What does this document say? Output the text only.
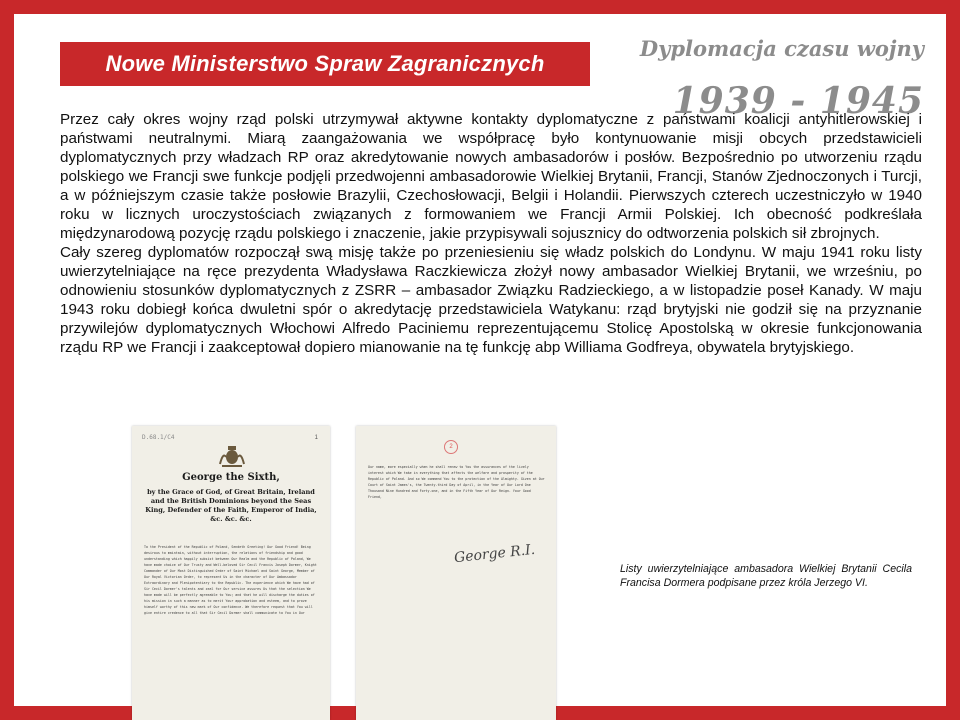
Nowe Ministerstwo Spraw Zagranicznych
Dyplomacja czasu wojny
1939 - 1945

Przez cały okres wojny rząd polski utrzymywał aktywne kontakty dyplomatyczne z państwami koalicji antyhitlerowskiej i państwami neutralnymi. Miarą zaangażowania we współpracę było kontynuowanie misji obcych przedstawicieli dyplomatycznych przy władzach RP oraz akredytowanie nowych ambasadorów i posłów. Bezpośrednio po utworzeniu rządu polskiego we Francji swe funkcje podjęli przedwojenni ambasadorowie Wielkiej Brytanii, Francji, Stanów Zjednoczonych i Turcji, a w późniejszym czasie także posłowie Brazylii, Czechosłowacji, Belgii i Holandii. Pierwszych czterech uczestniczyło w 1940 roku w licznych uroczystościach związanych z formowaniem we Francji Armii Polskiej. Ich obecność podkreślała międzynarodową pozycję rządu polskiego i znaczenie, jakie przypisywali sojusznicy do odtworzenia polskich sił zbrojnych.

Cały szereg dyplomatów rozpoczął swą misję także po przeniesieniu się władz polskich do Londynu. W maju 1941 roku listy uwierzytelniające na ręce prezydenta Władysława Raczkiewicza złożył nowy ambasador Wielkiej Brytanii, we wrześniu, po odnowieniu stosunków dyplomatycznych z ZSRR – ambasador Związku Radzieckiego, a w listopadzie poseł Kanady. W maju 1943 roku dobiegł końca dwuletni spór o akredytację przedstawiciela Watykanu: rząd brytyjski nie godził się na przyznanie przywilejów dyplomatycznych Włochowi Alfredo Paciniemu reprezentującemu Stolicę Apostolską w okresie funkcjonowania rządu RP we Francji i zaakceptował dopiero mianowanie na tę funkcję abp Williama Godfreya, obywatela brytyjskiego.

D.68.1/C4	1
George the Sixth,
by the Grace of God, of Great Britain, Ireland and the British Dominions beyond the Seas King, Defender of the Faith, Emperor of India, &c. &c. &c.
To the President of the Republic of Poland, Sendeth Greeting! Our Good Friend! Being desirous to maintain, without interruption, the relations of friendship and good understanding which happily subsist between Our Realm and the Republic of Poland, We have made choice of Our Trusty and Well-beloved Sir Cecil Francis Joseph Dormer, Knight Commander of Our Most Distinguished Order of Saint Michael and Saint George, Member of Our Royal Victorian Order, to represent Us in the character of Our Ambassador Extraordinary and Plenipotentiary to the Republic. The experience which We have had of Sir Cecil Dormer's talents and zeal for Our service assures Us that the selection We have made will be perfectly agreeable to You; and that he will discharge the duties of his mission in such a manner as to merit Your approbation and esteem, and to prove himself worthy of this new mark of Our confidence. We therefore request that You will give entire credence to all that Sir Cecil Dormer shall communicate to You in Our
2
Our name, more especially when he shall renew to You the assurances of the lively interest which We take in everything that affects the welfare and prosperity of the Republic of Poland. And so We commend You to the protection of the Almighty. Given at Our Court of Saint James's, the Twenty-third Day of April, in the Year of Our Lord One Thousand Nine Hundred and Forty-one, and in the Fifth Year of Our Reign. Your Good Friend,
George R.I.
Listy uwierzytelniające ambasadora Wielkiej Brytanii Cecila Francisa Dormera podpisane przez króla Jerzego VI.
